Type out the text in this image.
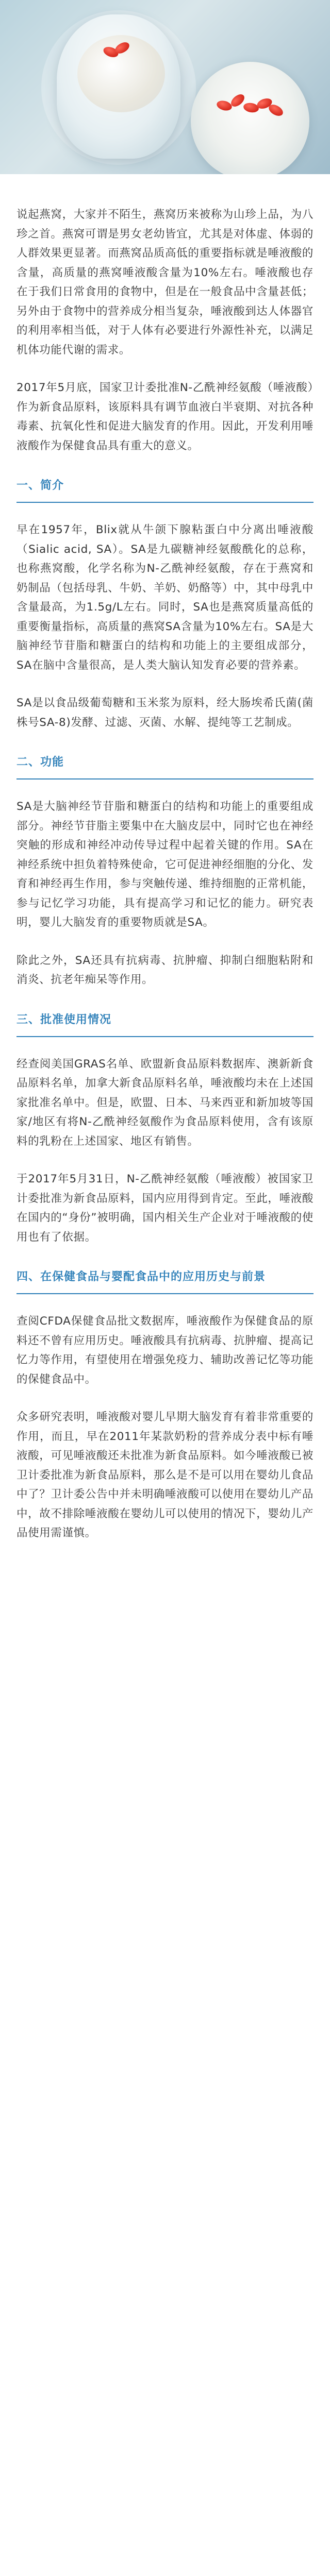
说起燕窝，大家并不陌生，燕窝历来被称为山珍上品，为八珍之首。燕窝可谓是男女老幼皆宜，尤其是对体虚、体弱的人群效果更显著。而燕窝品质高低的重要指标就是唾液酸的含量，高质量的燕窝唾液酸含量为10%左右。唾液酸也存在于我们日常食用的食物中，但是在一般食品中含量甚低；另外由于食物中的营养成分相当复杂，唾液酸到达人体器官的利用率相当低，对于人体有必要进行外源性补充，以满足机体功能代谢的需求。

2017年5月底，国家卫计委批准N-乙酰神经氨酸（唾液酸）作为新食品原料，该原料具有调节血液白半衰期、对抗各种毒素、抗氧化性和促进大脑发育的作用。因此，开发利用唾液酸作为保健食品具有重大的意义。

一、简介

早在1957年，Blix就从牛颌下腺粘蛋白中分离出唾液酸（Sialic acid, SA）。SA是九碳糖神经氨酸酰化的总称，也称燕窝酸，化学名称为N-乙酰神经氨酸，存在于燕窝和奶制品（包括母乳、牛奶、羊奶、奶酪等）中，其中母乳中含量最高，为1.5g/L左右。同时，SA也是燕窝质量高低的重要衡量指标，高质量的燕窝SA含量为10%左右。SA是大脑神经节苷脂和糖蛋白的结构和功能上的主要组成部分，SA在脑中含量很高，是人类大脑认知发育必要的营养素。

SA是以食品级葡萄糖和玉米浆为原料，经大肠埃希氏菌(菌株号SA-8)发酵、过滤、灭菌、水解、提纯等工艺制成。

二、功能

SA是大脑神经节苷脂和糖蛋白的结构和功能上的重要组成部分。神经节苷脂主要集中在大脑皮层中，同时它也在神经突触的形成和神经冲动传导过程中起着关键的作用。SA在神经系统中担负着特殊使命，它可促进神经细胞的分化、发育和神经再生作用，参与突触传递、维持细胞的正常机能，参与记忆学习功能，具有提高学习和记忆的能力。研究表明，婴儿大脑发育的重要物质就是SA。

除此之外，SA还具有抗病毒、抗肿瘤、抑制白细胞粘附和消炎、抗老年痴呆等作用。

三、批准使用情况

经查阅美国GRAS名单、欧盟新食品原料数据库、澳新新食品原料名单，加拿大新食品原料名单，唾液酸均未在上述国家批准名单中。但是，欧盟、日本、马来西亚和新加坡等国家/地区有将N-乙酰神经氨酸作为食品原料使用，含有该原料的乳粉在上述国家、地区有销售。

于2017年5月31日，N-乙酰神经氨酸（唾液酸）被国家卫计委批准为新食品原料，国内应用得到肯定。至此，唾液酸在国内的“身份”被明确，国内相关生产企业对于唾液酸的使用也有了依据。

四、在保健食品与婴配食品中的应用历史与前景

查阅CFDA保健食品批文数据库，唾液酸作为保健食品的原料还不曾有应用历史。唾液酸具有抗病毒、抗肿瘤、提高记忆力等作用，有望使用在增强免疫力、辅助改善记忆等功能的保健食品中。

众多研究表明，唾液酸对婴儿早期大脑发育有着非常重要的作用，而且，早在2011年某款奶粉的营养成分表中标有唾液酸，可见唾液酸还未批准为新食品原料。如今唾液酸已被卫计委批准为新食品原料，那么是不是可以用在婴幼儿食品中了？卫计委公告中并未明确唾液酸可以使用在婴幼儿产品中，故不排除唾液酸在婴幼儿可以使用的情况下，婴幼儿产品使用需谨慎。
